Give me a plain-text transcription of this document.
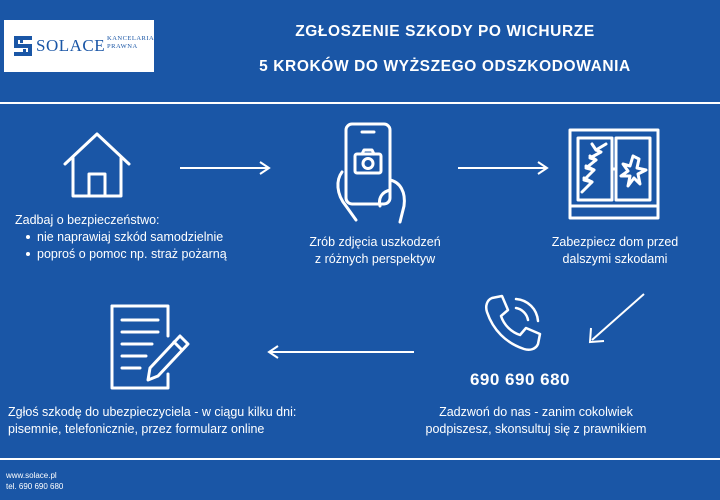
SOLACE KANCELARIA
PRAWNA
ZGŁOSZENIE SZKODY PO WICHURZE
5 KROKÓW DO WYŻSZEGO ODSZKODOWANIA
Zadbaj o bezpieczeństwo:
nie naprawiaj szkód samodzielnie
poproś o pomoc np. straż pożarną
Zrób zdjęcia uszkodzeń
z różnych perspektyw
Zabezpiecz dom przed
dalszymi szkodami
690 690 680
Zadzwoń do nas - zanim cokolwiek
podpiszesz, skonsultuj się z prawnikiem
Zgłoś szkodę do ubezpieczyciela - w ciągu kilku dni:
pisemnie, telefonicznie, przez formularz online
www.solace.pl
tel. 690 690 680
